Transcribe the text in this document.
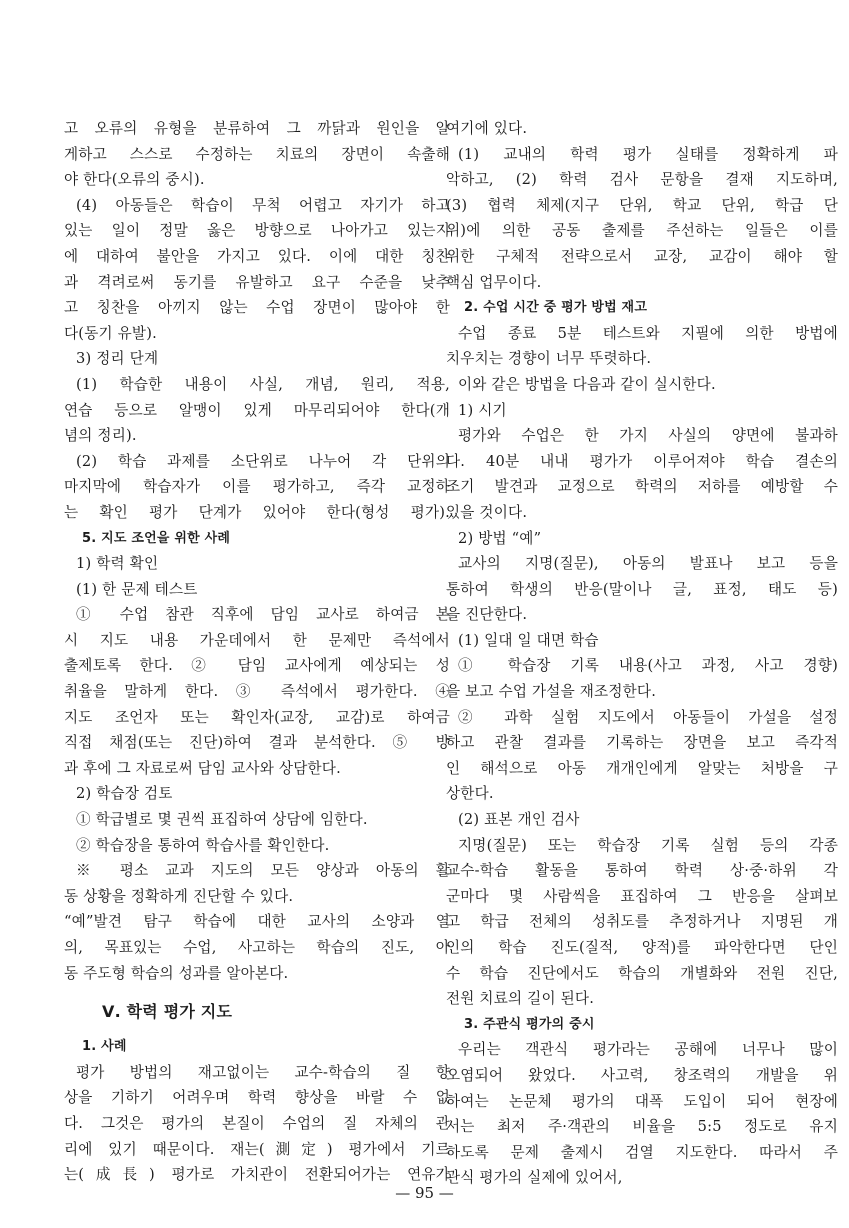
고 오류의 유형을 분류하여 그 까닭과 원인을 알
게하고 스스로 수정하는 치료의 장면이 속출해
야 한다(오류의 중시).
(4) 아동들은 학습이 무척 어렵고 자기가 하고
있는 일이 정말 옳은 방향으로 나아가고 있는지
에 대하여 불안을 가지고 있다. 이에 대한 칭찬
과 격려로써 동기를 유발하고 요구 수준을 낮추
고 칭찬을 아끼지 않는 수업 장면이 많아야 한
다(동기 유발).
3) 정리 단계
(1) 학습한 내용이 사실, 개념, 원리, 적용,
연습 등으로 알맹이 있게 마무리되어야 한다(개
념의 정리).
(2) 학습 과제를 소단위로 나누어 각 단위의
마지막에 학습자가 이를 평가하고, 즉각 교정하
는 확인 평가 단계가 있어야 한다(형성 평가).
5. 지도 조언을 위한 사례
1) 학력 확인
(1) 한 문제 테스트
① 수업 참관 직후에 담임 교사로 하여금 본
시 지도 내용 가운데에서 한 문제만 즉석에서
출제토록 한다. ② 담임 교사에게 예상되는 성
취율을 말하게 한다. ③ 즉석에서 평가한다. ④
지도 조언자 또는 확인자(교장, 교감)로 하여금
직접 채점(또는 진단)하여 결과 분석한다. ⑤ 방
과 후에 그 자료로써 담임 교사와 상담한다.
2) 학습장 검토
① 학급별로 몇 권씩 표집하여 상담에 임한다.
② 학습장을 통하여 학습사를 확인한다.
※ 평소 교과 지도의 모든 양상과 아동의 활
동 상황을 정확하게 진단할 수 있다.
“예”발견 탐구 학습에 대한 교사의 소양과 열
의, 목표있는 수업, 사고하는 학습의 진도, 아
동 주도형 학습의 성과를 알아본다.
Ⅴ. 학력 평가 지도
1. 사례
평가 방법의 재고없이는 교수-학습의 질 향
상을 기하기 어려우며 학력 향상을 바랄 수 없
다. 그것은 평가의 본질이 수업의 질 자체의 관
리에 있기 때문이다. 재는(測定) 평가에서 기르
는(成長) 평가로 가치관이 전환되어가는 연유가
여기에 있다.
(1) 교내의 학력 평가 실태를 정확하게 파
악하고, (2) 학력 검사 문항을 결재 지도하며,
(3) 협력 체제(지구 단위, 학교 단위, 학급 단
위)에 의한 공동 출제를 주선하는 일들은 이를
위한 구체적 전략으로서 교장, 교감이 해야 할
핵심 업무이다.
2. 수업 시간 중 평가 방법 재고
수업 종료 5분 테스트와 지필에 의한 방법에
치우치는 경향이 너무 뚜렷하다.
이와 같은 방법을 다음과 같이 실시한다.
1) 시기
평가와 수업은 한 가지 사실의 양면에 불과하
다. 40분 내내 평가가 이루어져야 학습 결손의
조기 발견과 교정으로 학력의 저하를 예방할 수
있을 것이다.
2) 방법 “예”
교사의 지명(질문), 아동의 발표나 보고 등을
통하여 학생의 반응(말이나 글, 표정, 태도 등)
을 진단한다.
(1) 일대 일 대면 학습
① 학습장 기록 내용(사고 과정, 사고 경향)
을 보고 수업 가설을 재조정한다.
② 과학 실험 지도에서 아동들이 가설을 설정
하고 관찰 결과를 기록하는 장면을 보고 즉각적
인 해석으로 아동 개개인에게 알맞는 처방을 구
상한다.
(2) 표본 개인 검사
지명(질문) 또는 학습장 기록 실험 등의 각종
교수-학습 활동을 통하여 학력 상·중·하위 각
군마다 몇 사람씩을 표집하여 그 반응을 살펴보
고 학급 전체의 성취도를 추정하거나 지명된 개
인의 학습 진도(질적, 양적)를 파악한다면 단인
수 학습 진단에서도 학습의 개별화와 전원 진단,
전원 치료의 길이 된다.
3. 주관식 평가의 중시
우리는 객관식 평가라는 공해에 너무나 많이
오염되어 왔었다. 사고력, 창조력의 개발을 위
하여는 논문체 평가의 대폭 도입이 되어 현장에
서는 최저 주·객관의 비율을 5:5 정도로 유지
하도록 문제 출제시 검열 지도한다. 따라서 주
관식 평가의 실제에 있어서,
— 95 —
